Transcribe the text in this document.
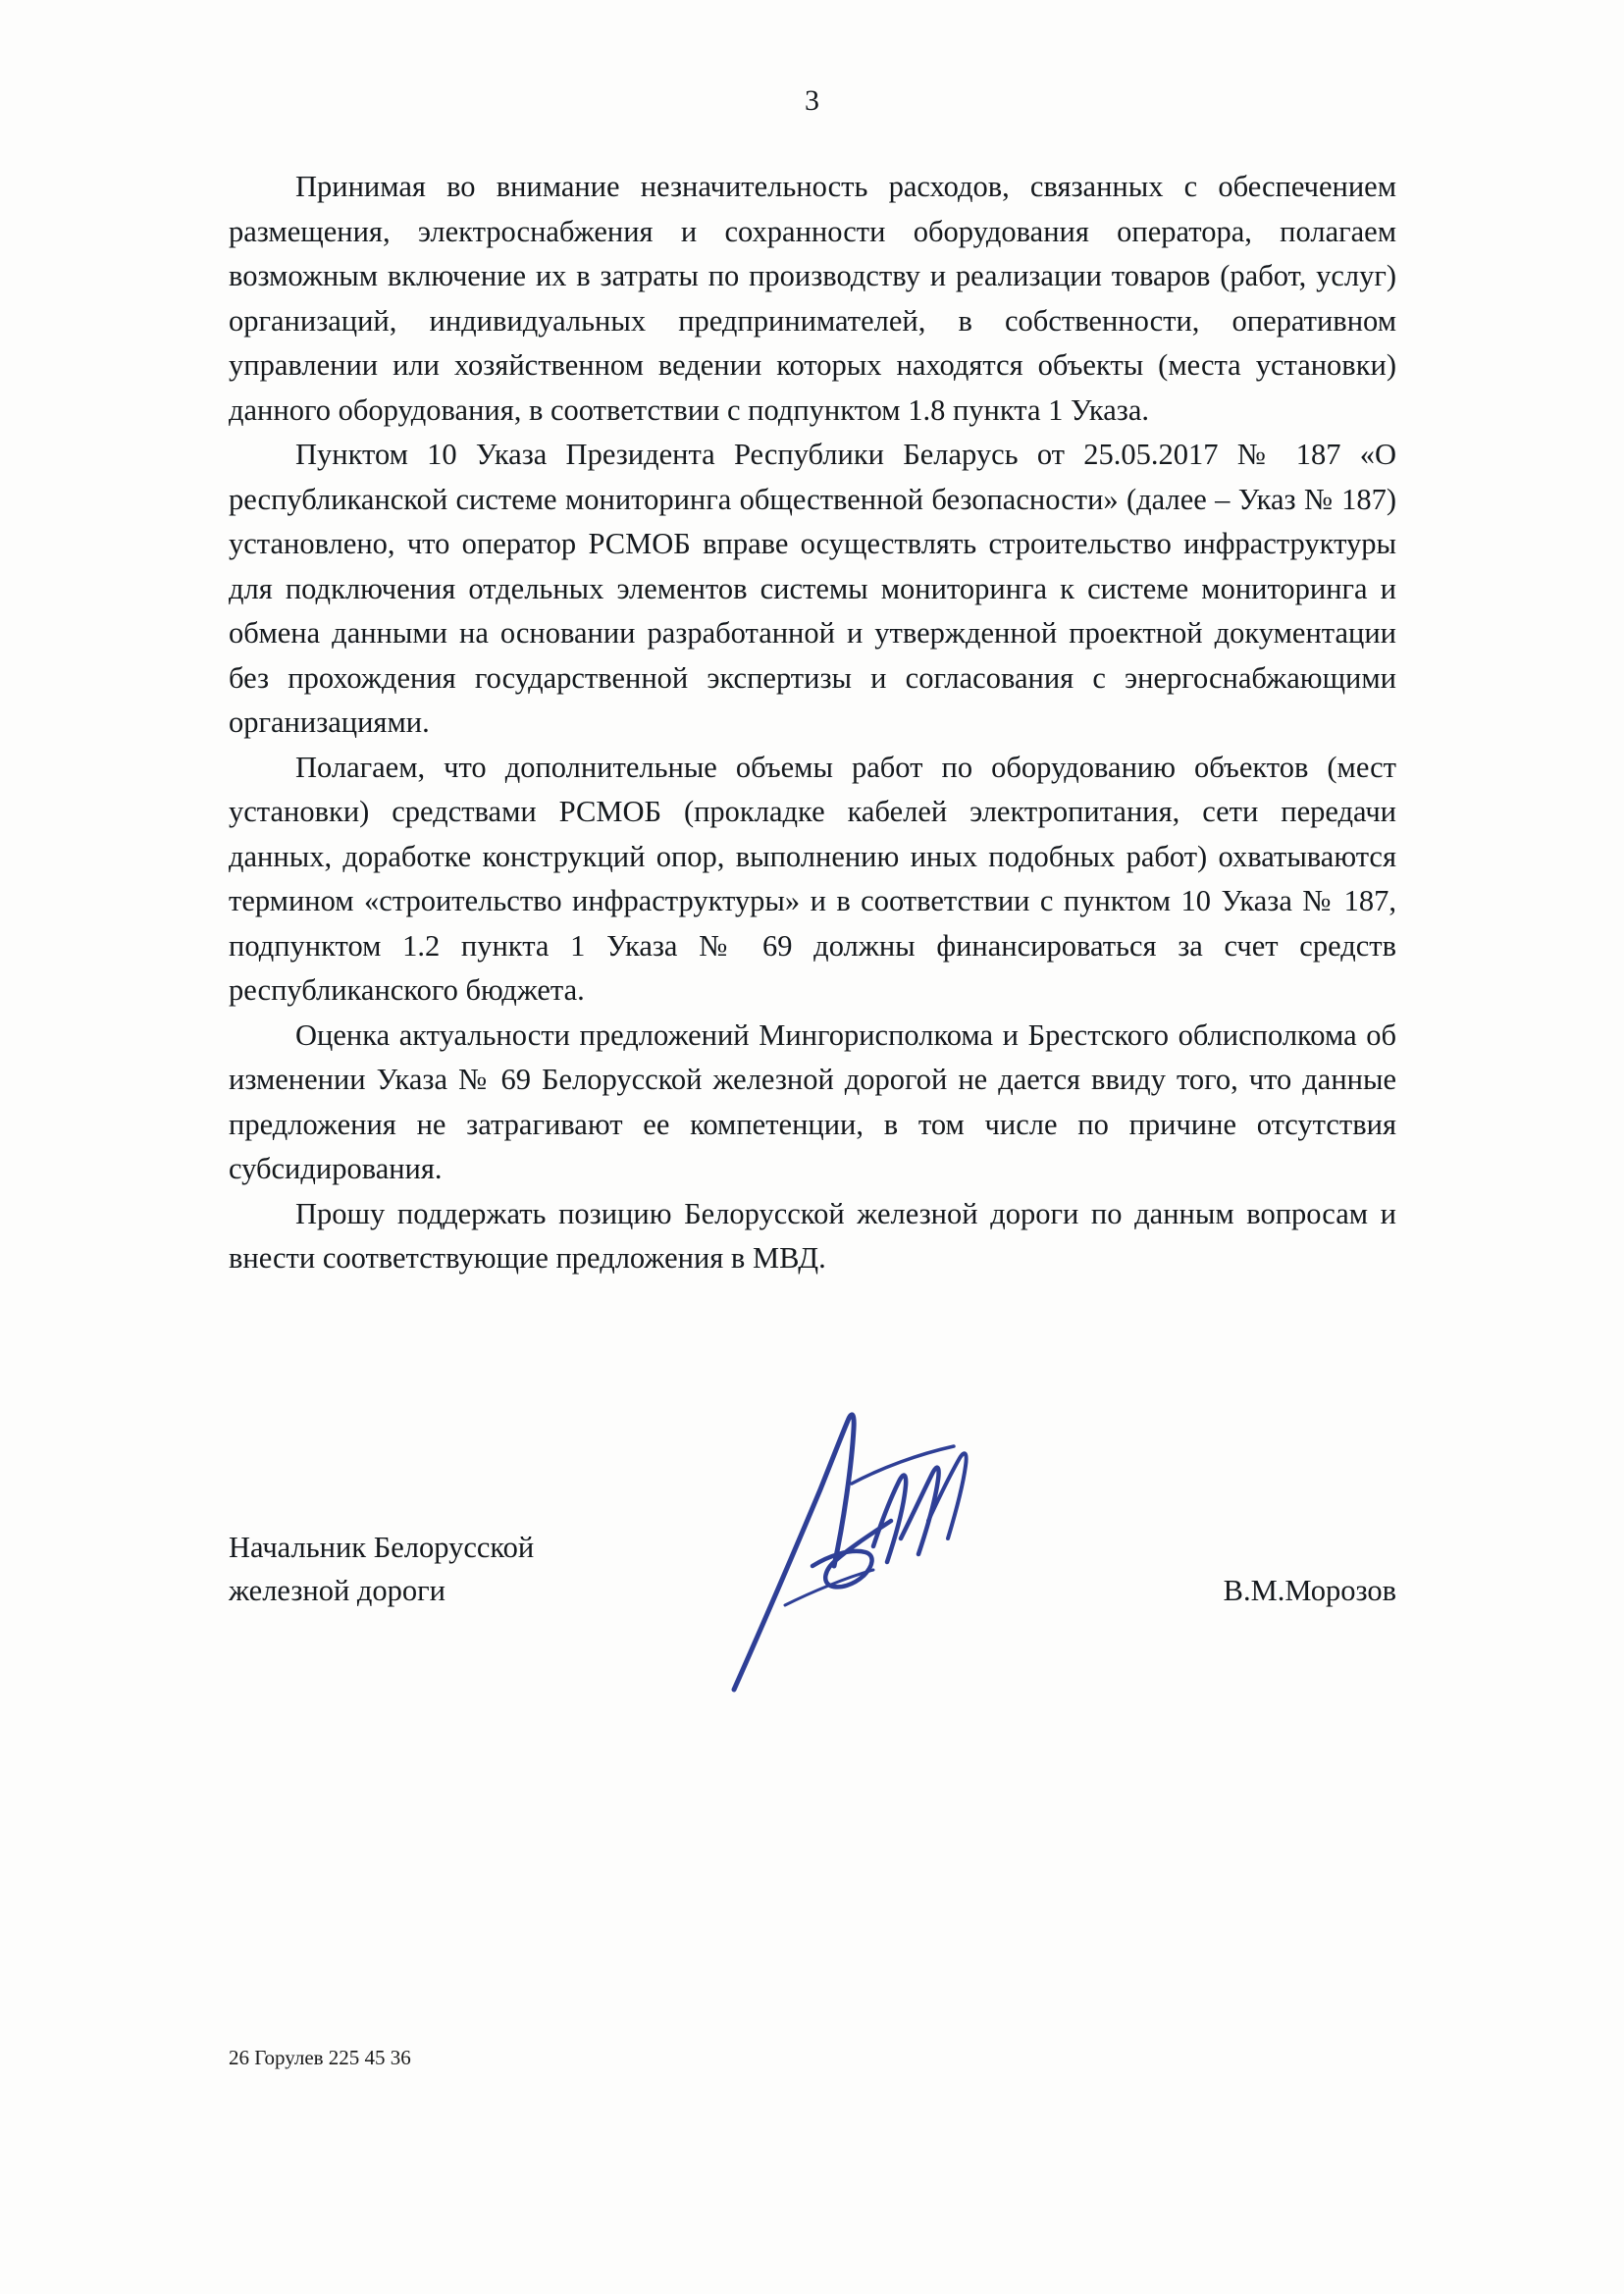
3

Принимая во внимание незначительность расходов, связанных с обеспечением размещения, электроснабжения и сохранности оборудования оператора, полагаем возможным включение их в затраты по производству и реализации товаров (работ, услуг) организаций, индивидуальных предпринимателей, в собственности, оперативном управлении или хозяйственном ведении которых находятся объекты (места установки) данного оборудования, в соответствии с подпунктом 1.8 пункта 1 Указа.

Пунктом 10 Указа Президента Республики Беларусь от 25.05.2017 № 187 «О республиканской системе мониторинга общественной безопасности» (далее – Указ № 187) установлено, что оператор РСМОБ вправе осуществлять строительство инфраструктуры для подключения отдельных элементов системы мониторинга к системе мониторинга и обмена данными на основании разработанной и утвержденной проектной документации без прохождения государственной экспертизы и согласования с энергоснабжающими организациями.

Полагаем, что дополнительные объемы работ по оборудованию объектов (мест установки) средствами РСМОБ (прокладке кабелей электропитания, сети передачи данных, доработке конструкций опор, выполнению иных подобных работ) охватываются термином «строительство инфраструктуры» и в соответствии с пунктом 10 Указа № 187, подпунктом 1.2 пункта 1 Указа № 69 должны финансироваться за счет средств республиканского бюджета.

Оценка актуальности предложений Мингорисполкома и Брестского облисполкома об изменении Указа № 69 Белорусской железной дорогой не дается ввиду того, что данные предложения не затрагивают ее компетенции, в том числе по причине отсутствия субсидирования.

Прошу поддержать позицию Белорусской железной дороги по данным вопросам и внести соответствующие предложения в МВД.

Начальник Белорусской
железной дороги	В.М.Морозов
26 Горулев 225 45 36
